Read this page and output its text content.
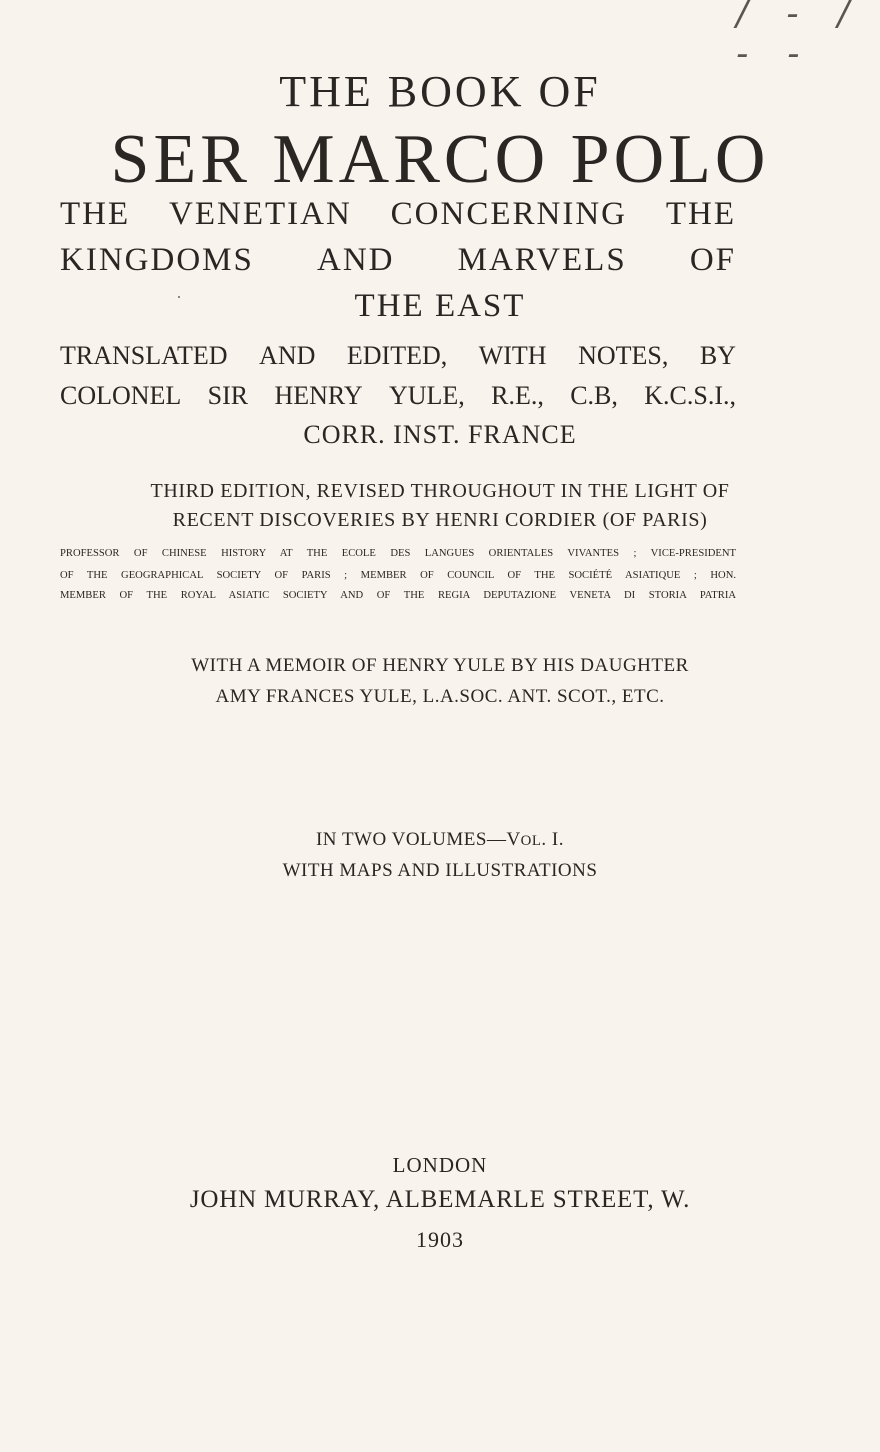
/ - / - -
THE BOOK OF
SER MARCO POLO
THE VENETIAN CONCERNING THE
KINGDOMS AND MARVELS OF
THE EAST
TRANSLATED AND EDITED, WITH NOTES, BY
COLONEL SIR HENRY YULE, R.E., C.B, K.C.S.I.,
CORR. INST. FRANCE
THIRD EDITION, REVISED THROUGHOUT IN THE LIGHT OF
RECENT DISCOVERIES BY HENRI CORDIER (OF PARIS)
PROFESSOR OF CHINESE HISTORY AT THE ECOLE DES LANGUES ORIENTALES VIVANTES ; VICE-PRESIDENT
OF THE GEOGRAPHICAL SOCIETY OF PARIS ; MEMBER OF COUNCIL OF THE SOCIÉTÉ ASIATIQUE ; HON.
MEMBER OF THE ROYAL ASIATIC SOCIETY AND OF THE REGIA DEPUTAZIONE VENETA DI STORIA PATRIA
WITH A MEMOIR OF HENRY YULE BY HIS DAUGHTER
AMY FRANCES YULE, L.A.SOC. ANT. SCOT., ETC.
IN TWO VOLUMES—VOL. I.
WITH MAPS AND ILLUSTRATIONS
LONDON
JOHN MURRAY, ALBEMARLE STREET, W.
1903
